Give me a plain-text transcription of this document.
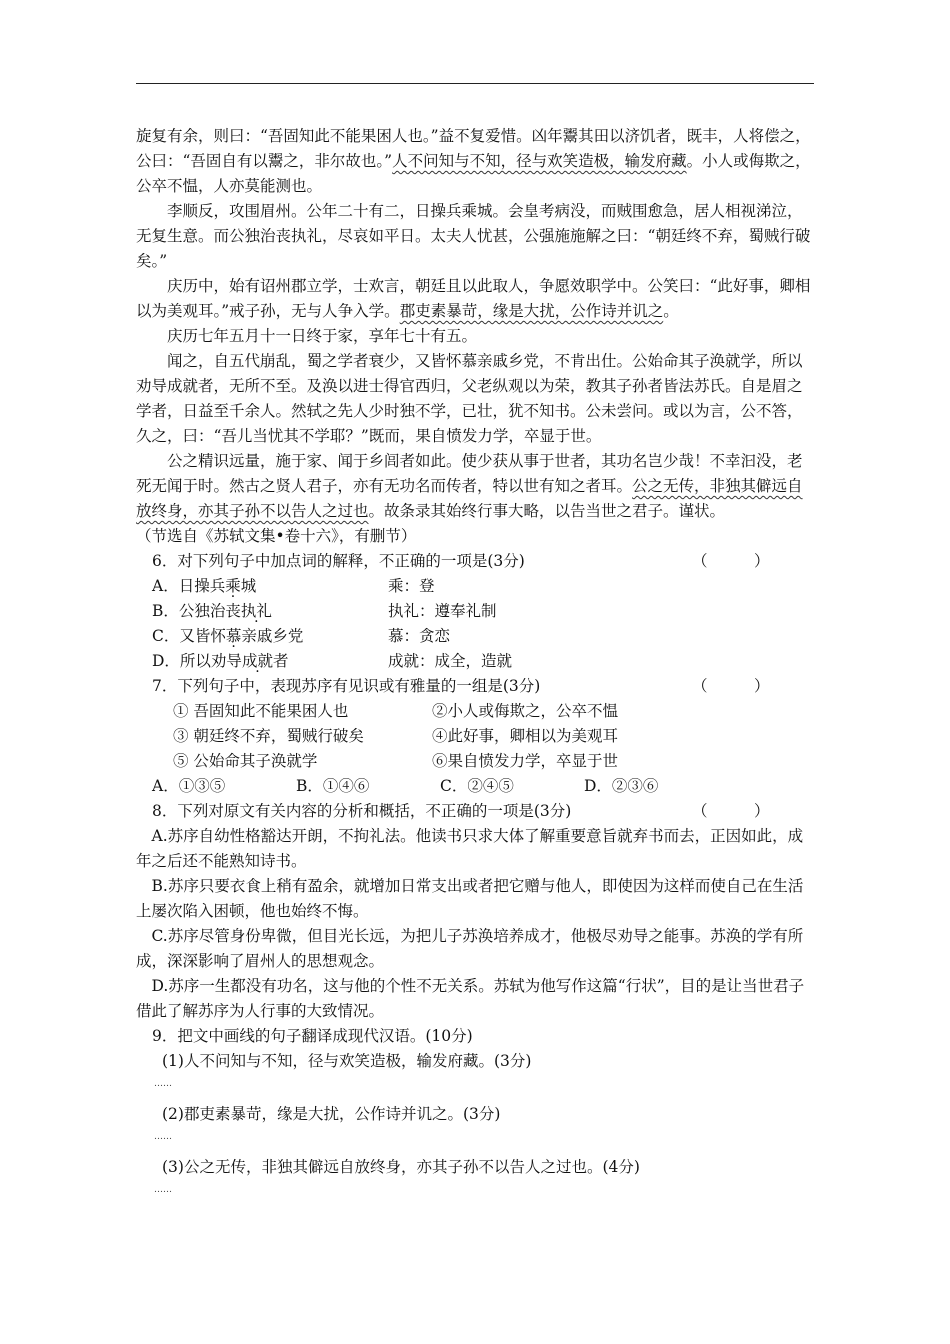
旋复有余，则曰：“吾固知此不能果困人也。”益不复爱惜。凶年鬻其田以济饥者，既丰，人将偿之，公曰：“吾固自有以鬻之，非尔故也。”人不问知与不知，径与欢笑造极，输发府藏。小人或侮欺之，公卒不愠，人亦莫能测也。

李顺反，攻围眉州。公年二十有二，日操兵乘城。会皇考病没，而贼围愈急，居人相视涕泣，无复生意。而公独治丧执礼，尽哀如平日。太夫人忧甚，公强施施解之曰：“朝廷终不弃，蜀贼行破矣。”

庆历中，始有诏州郡立学，士欢言，朝廷且以此取人，争愿效职学中。公笑曰：“此好事，卿相以为美观耳。”戒子孙，无与人争入学。郡吏素暴苛，缘是大扰，公作诗并讥之。

庆历七年五月十一日终于家，享年七十有五。

闻之，自五代崩乱，蜀之学者衰少，又皆怀慕亲戚乡党，不肯出仕。公始命其子涣就学，所以劝导成就者，无所不至。及涣以进士得官西归，父老纵观以为荣，教其子孙者皆法苏氏。自是眉之学者，日益至千余人。然轼之先人少时独不学，已壮，犹不知书。公未尝问。或以为言，公不答，久之，曰：“吾儿当忧其不学耶？”既而，果自愤发力学，卒显于世。

公之精识远量，施于家、闻于乡闾者如此。使少获从事于世者，其功名岂少哉！不幸汩没，老死无闻于时。然古之贤人君子，亦有无功名而传者，特以世有知之者耳。公之无传，非独其僻远自放终身，亦其子孙不以告人之过也。故条录其始终行事大略，以告当世之君子。谨状。

（节选自《苏轼文集•卷十六》，有删节）

6．对下列句子中加点词的解释，不正确的一项是(3分)	（　　　）
A．日操兵乘城	乘：登
B．公独治丧执礼	执礼：遵奉礼制
C．又皆怀慕亲戚乡党	慕：贪恋
D．所以劝导成就者	成就：成全，造就
7．下列句子中，表现苏序有见识或有雅量的一组是(3分)	（　　　）
① 吾固知此不能果困人也	②小人或侮欺之，公卒不愠
③ 朝廷终不弃，蜀贼行破矣	④此好事，卿相以为美观耳
⑤ 公始命其子涣就学	⑥果自愤发力学，卒显于世
A．①③⑤	B．①④⑥	C．②④⑤	D．②③⑥
8．下列对原文有关内容的分析和概括，不正确的一项是(3分)	（　　　）

A.苏序自幼性格豁达开朗，不拘礼法。他读书只求大体了解重要意旨就弃书而去，正因如此，成年之后还不能熟知诗书。

B.苏序只要衣食上稍有盈余，就增加日常支出或者把它赠与他人，即使因为这样而使自己在生活上屡次陷入困顿，他也始终不悔。

C.苏序尽管身份卑微，但目光长远，为把儿子苏涣培养成才，他极尽劝导之能事。苏涣的学有所成，深深影响了眉州人的思想观念。

D.苏序一生都没有功名，这与他的个性不无关系。苏轼为他写作这篇“行状”，目的是让当世君子借此了解苏序为人行事的大致情况。

9．把文中画线的句子翻译成现代汉语。(10分)
(1)人不问知与不知，径与欢笑造极，输发府藏。(3分)
……
(2)郡吏素暴苛，缘是大扰，公作诗并讥之。(3分)
……
(3)公之无传，非独其僻远自放终身，亦其子孙不以告人之过也。(4分)
……
